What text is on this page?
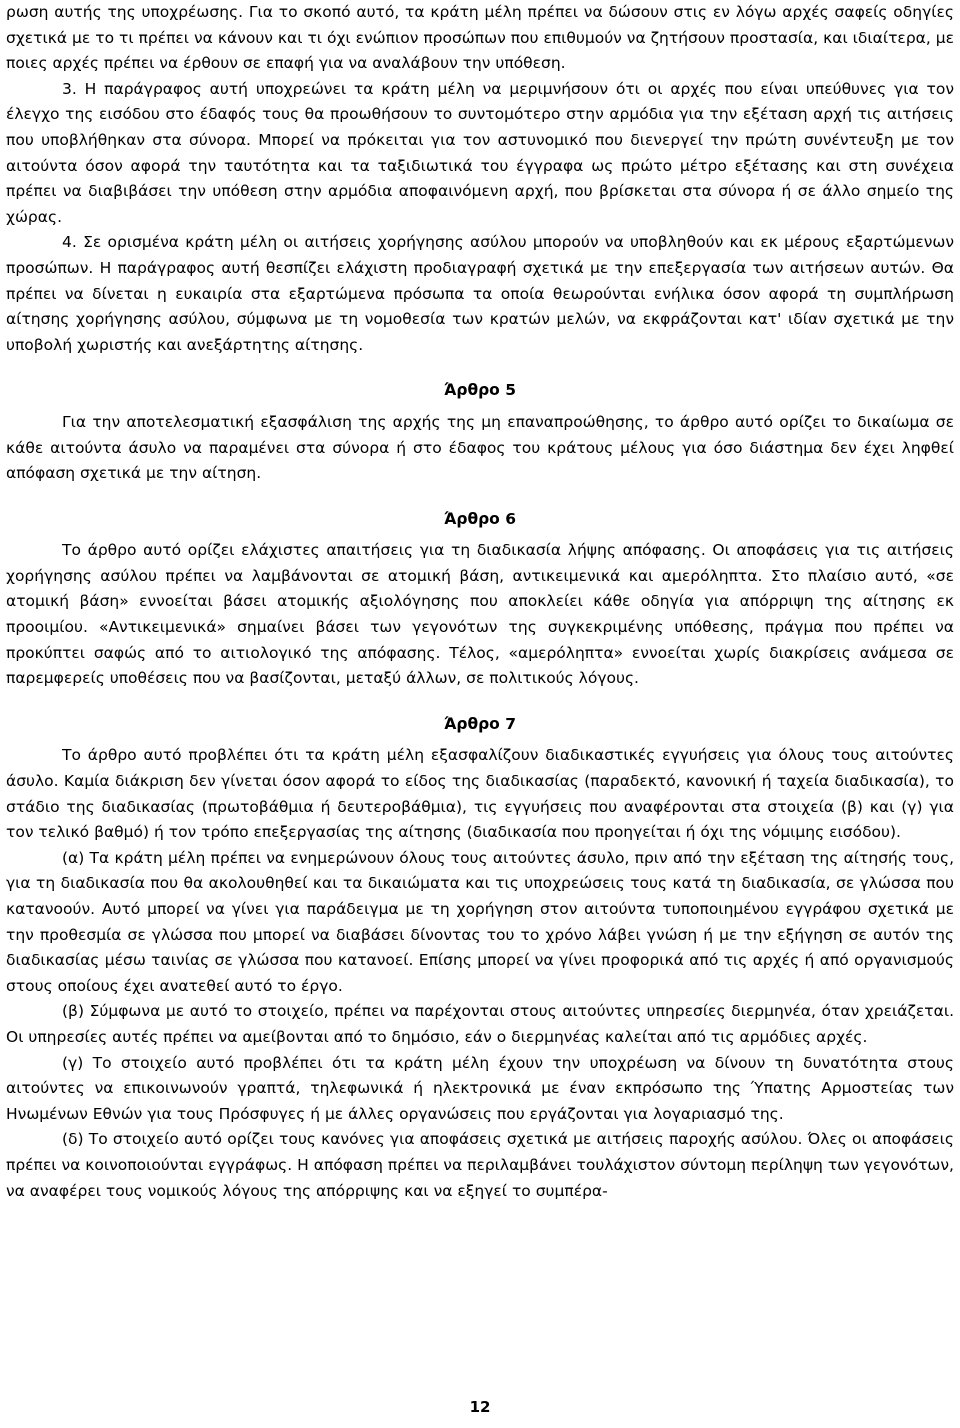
ρωση αυτής της υποχρέωσης. Για το σκοπό αυτό, τα κράτη μέλη πρέπει να δώσουν στις εν λόγω αρχές σαφείς οδηγίες σχετικά με το τι πρέπει να κάνουν και τι όχι ενώπιον προσώπων που επιθυμούν να ζητήσουν προστασία, και ιδιαίτερα, με ποιες αρχές πρέπει να έρθουν σε επαφή για να αναλάβουν την υπόθεση.

3. Η παράγραφος αυτή υποχρεώνει τα κράτη μέλη να μεριμνήσουν ότι οι αρχές που είναι υπεύθυνες για τον έλεγχο της εισόδου στο έδαφός τους θα προωθήσουν το συντομότερο στην αρμόδια για την εξέταση αρχή τις αιτήσεις που υποβλήθηκαν στα σύνορα. Μπορεί να πρόκειται για τον αστυνομικό που διενεργεί την πρώτη συνέντευξη με τον αιτούντα όσον αφορά την ταυτότητα και τα ταξιδιωτικά του έγγραφα ως πρώτο μέτρο εξέτασης και στη συνέχεια πρέπει να διαβιβάσει την υπόθεση στην αρμόδια αποφαινόμενη αρχή, που βρίσκεται στα σύνορα ή σε άλλο σημείο της χώρας.

4. Σε ορισμένα κράτη μέλη οι αιτήσεις χορήγησης ασύλου μπορούν να υποβληθούν και εκ μέρους εξαρτώμενων προσώπων. Η παράγραφος αυτή θεσπίζει ελάχιστη προδιαγραφή σχετικά με την επεξεργασία των αιτήσεων αυτών. Θα πρέπει να δίνεται η ευκαιρία στα εξαρτώμενα πρόσωπα τα οποία θεωρούνται ενήλικα όσον αφορά τη συμπλήρωση αίτησης χορήγησης ασύλου, σύμφωνα με τη νομοθεσία των κρατών μελών, να εκφράζονται κατ' ιδίαν σχετικά με την υποβολή χωριστής και ανεξάρτητης αίτησης.

Άρθρο 5

Για την αποτελεσματική εξασφάλιση της αρχής της μη επαναπροώθησης, το άρθρο αυτό ορίζει το δικαίωμα σε κάθε αιτούντα άσυλο να παραμένει στα σύνορα ή στο έδαφος του κράτους μέλους για όσο διάστημα δεν έχει ληφθεί απόφαση σχετικά με την αίτηση.

Άρθρο 6

Το άρθρο αυτό ορίζει ελάχιστες απαιτήσεις για τη διαδικασία λήψης απόφασης. Οι αποφάσεις για τις αιτήσεις χορήγησης ασύλου πρέπει να λαμβάνονται σε ατομική βάση, αντικειμενικά και αμερόληπτα. Στο πλαίσιο αυτό, «σε ατομική βάση» εννοείται βάσει ατομικής αξιολόγησης που αποκλείει κάθε οδηγία για απόρριψη της αίτησης εκ προοιμίου. «Αντικειμενικά» σημαίνει βάσει των γεγονότων της συγκεκριμένης υπόθεσης, πράγμα που πρέπει να προκύπτει σαφώς από το αιτιολογικό της απόφασης. Τέλος, «αμερόληπτα» εννοείται χωρίς διακρίσεις ανάμεσα σε παρεμφερείς υποθέσεις που να βασίζονται, μεταξύ άλλων, σε πολιτικούς λόγους.

Άρθρο 7

Το άρθρο αυτό προβλέπει ότι τα κράτη μέλη εξασφαλίζουν διαδικαστικές εγγυήσεις για όλους τους αιτούντες άσυλο. Καμία διάκριση δεν γίνεται όσον αφορά το είδος της διαδικασίας (παραδεκτό, κανονική ή ταχεία διαδικασία), το στάδιο της διαδικασίας (πρωτοβάθμια ή δευτεροβάθμια), τις εγγυήσεις που αναφέρονται στα στοιχεία (β) και (γ) για τον τελικό βαθμό) ή τον τρόπο επεξεργασίας της αίτησης (διαδικασία που προηγείται ή όχι της νόμιμης εισόδου).

(α) Τα κράτη μέλη πρέπει να ενημερώνουν όλους τους αιτούντες άσυλο, πριν από την εξέταση της αίτησής τους, για τη διαδικασία που θα ακολουθηθεί και τα δικαιώματα και τις υποχρεώσεις τους κατά τη διαδικασία, σε γλώσσα που κατανοούν. Αυτό μπορεί να γίνει για παράδειγμα με τη χορήγηση στον αιτούντα τυποποιημένου εγγράφου σχετικά με την προθεσμία σε γλώσσα που μπορεί να διαβάσει δίνοντας του το χρόνο λάβει γνώση ή με την εξήγηση σε αυτόν της διαδικασίας μέσω ταινίας σε γλώσσα που κατανοεί. Επίσης μπορεί να γίνει προφορικά από τις αρχές ή από οργανισμούς στους οποίους έχει ανατεθεί αυτό το έργο.

(β) Σύμφωνα με αυτό το στοιχείο, πρέπει να παρέχονται στους αιτούντες υπηρεσίες διερμηνέα, όταν χρειάζεται. Οι υπηρεσίες αυτές πρέπει να αμείβονται από το δημόσιο, εάν ο διερμηνέας καλείται από τις αρμόδιες αρχές.

(γ) Το στοιχείο αυτό προβλέπει ότι τα κράτη μέλη έχουν την υποχρέωση να δίνουν τη δυνατότητα στους αιτούντες να επικοινωνούν γραπτά, τηλεφωνικά ή ηλεκτρονικά με έναν εκπρόσωπο της Ύπατης Αρμοστείας των Ηνωμένων Εθνών για τους Πρόσφυγες ή με άλλες οργανώσεις που εργάζονται για λογαριασμό της.

(δ) Το στοιχείο αυτό ορίζει τους κανόνες για αποφάσεις σχετικά με αιτήσεις παροχής ασύλου. Όλες οι αποφάσεις πρέπει να κοινοποιούνται εγγράφως. Η απόφαση πρέπει να περιλαμβάνει τουλάχιστον σύντομη περίληψη των γεγονότων, να αναφέρει τους νομικούς λόγους της απόρριψης και να εξηγεί το συμπέρα-

12
